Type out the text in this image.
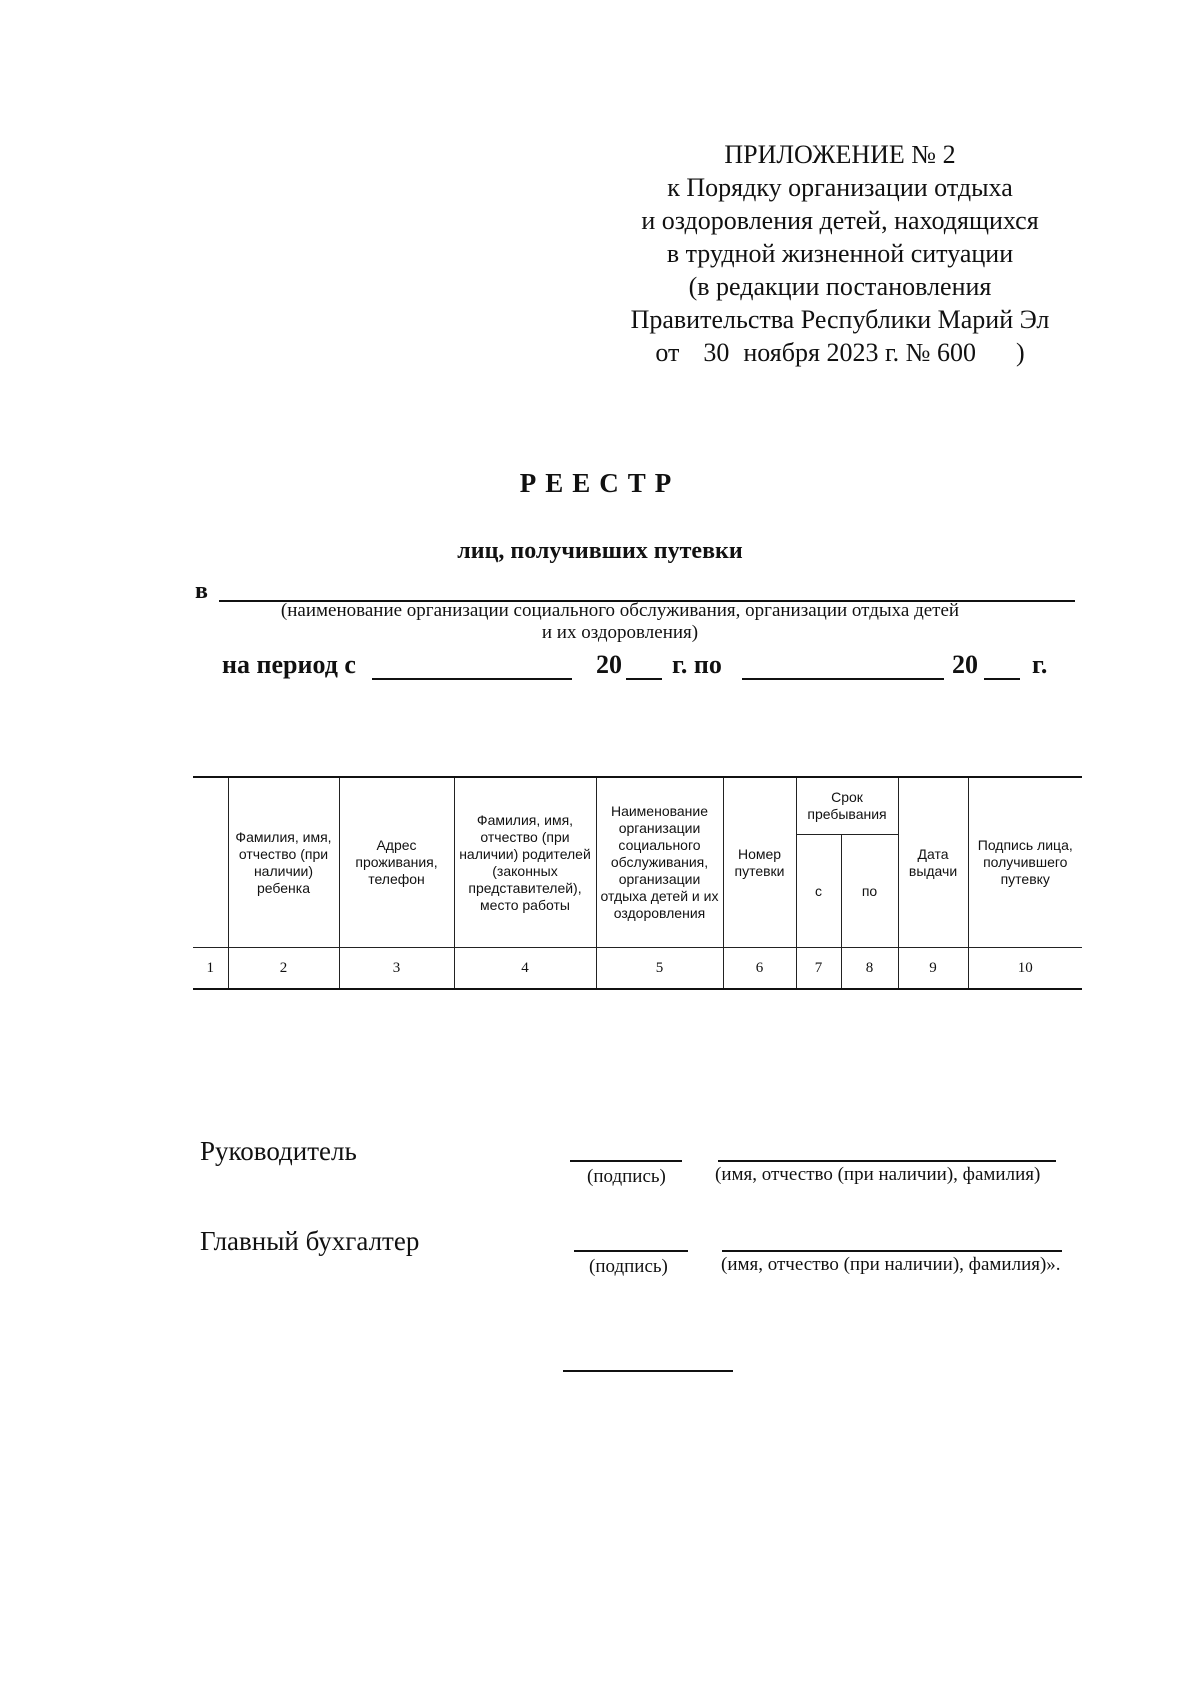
ПРИЛОЖЕНИЕ № 2
к Порядку организации отдыха
и оздоровления детей, находящихся
в трудной жизненной ситуации
(в редакции постановления
Правительства Республики Марий Эл
от 30 ноября 2023 г. № 600 )
РЕЕСТР
лиц, получивших путевки
в
(наименование организации социального обслуживания, организации отдыха детей
и их оздоровления)
на период с	20 г. по	20 г.
	Фамилия, имя, отчество (при наличии) ребенка	Адрес проживания, телефон	Фамилия, имя, отчество (при наличии) родителей (законных представителей), место работы	Наименование организации социального обслуживания, организации отдыха детей и их оздоровления	Номер путевки	Срок пребывания		Дата выдачи	Подпись лица, получившего путевку
						с	по		
1	2	3	4	5	6	7	8	9	10
Руководитель
(подпись)	(имя, отчество (при наличии), фамилия)
Главный бухгалтер
(подпись)	(имя, отчество (при наличии), фамилия)».
